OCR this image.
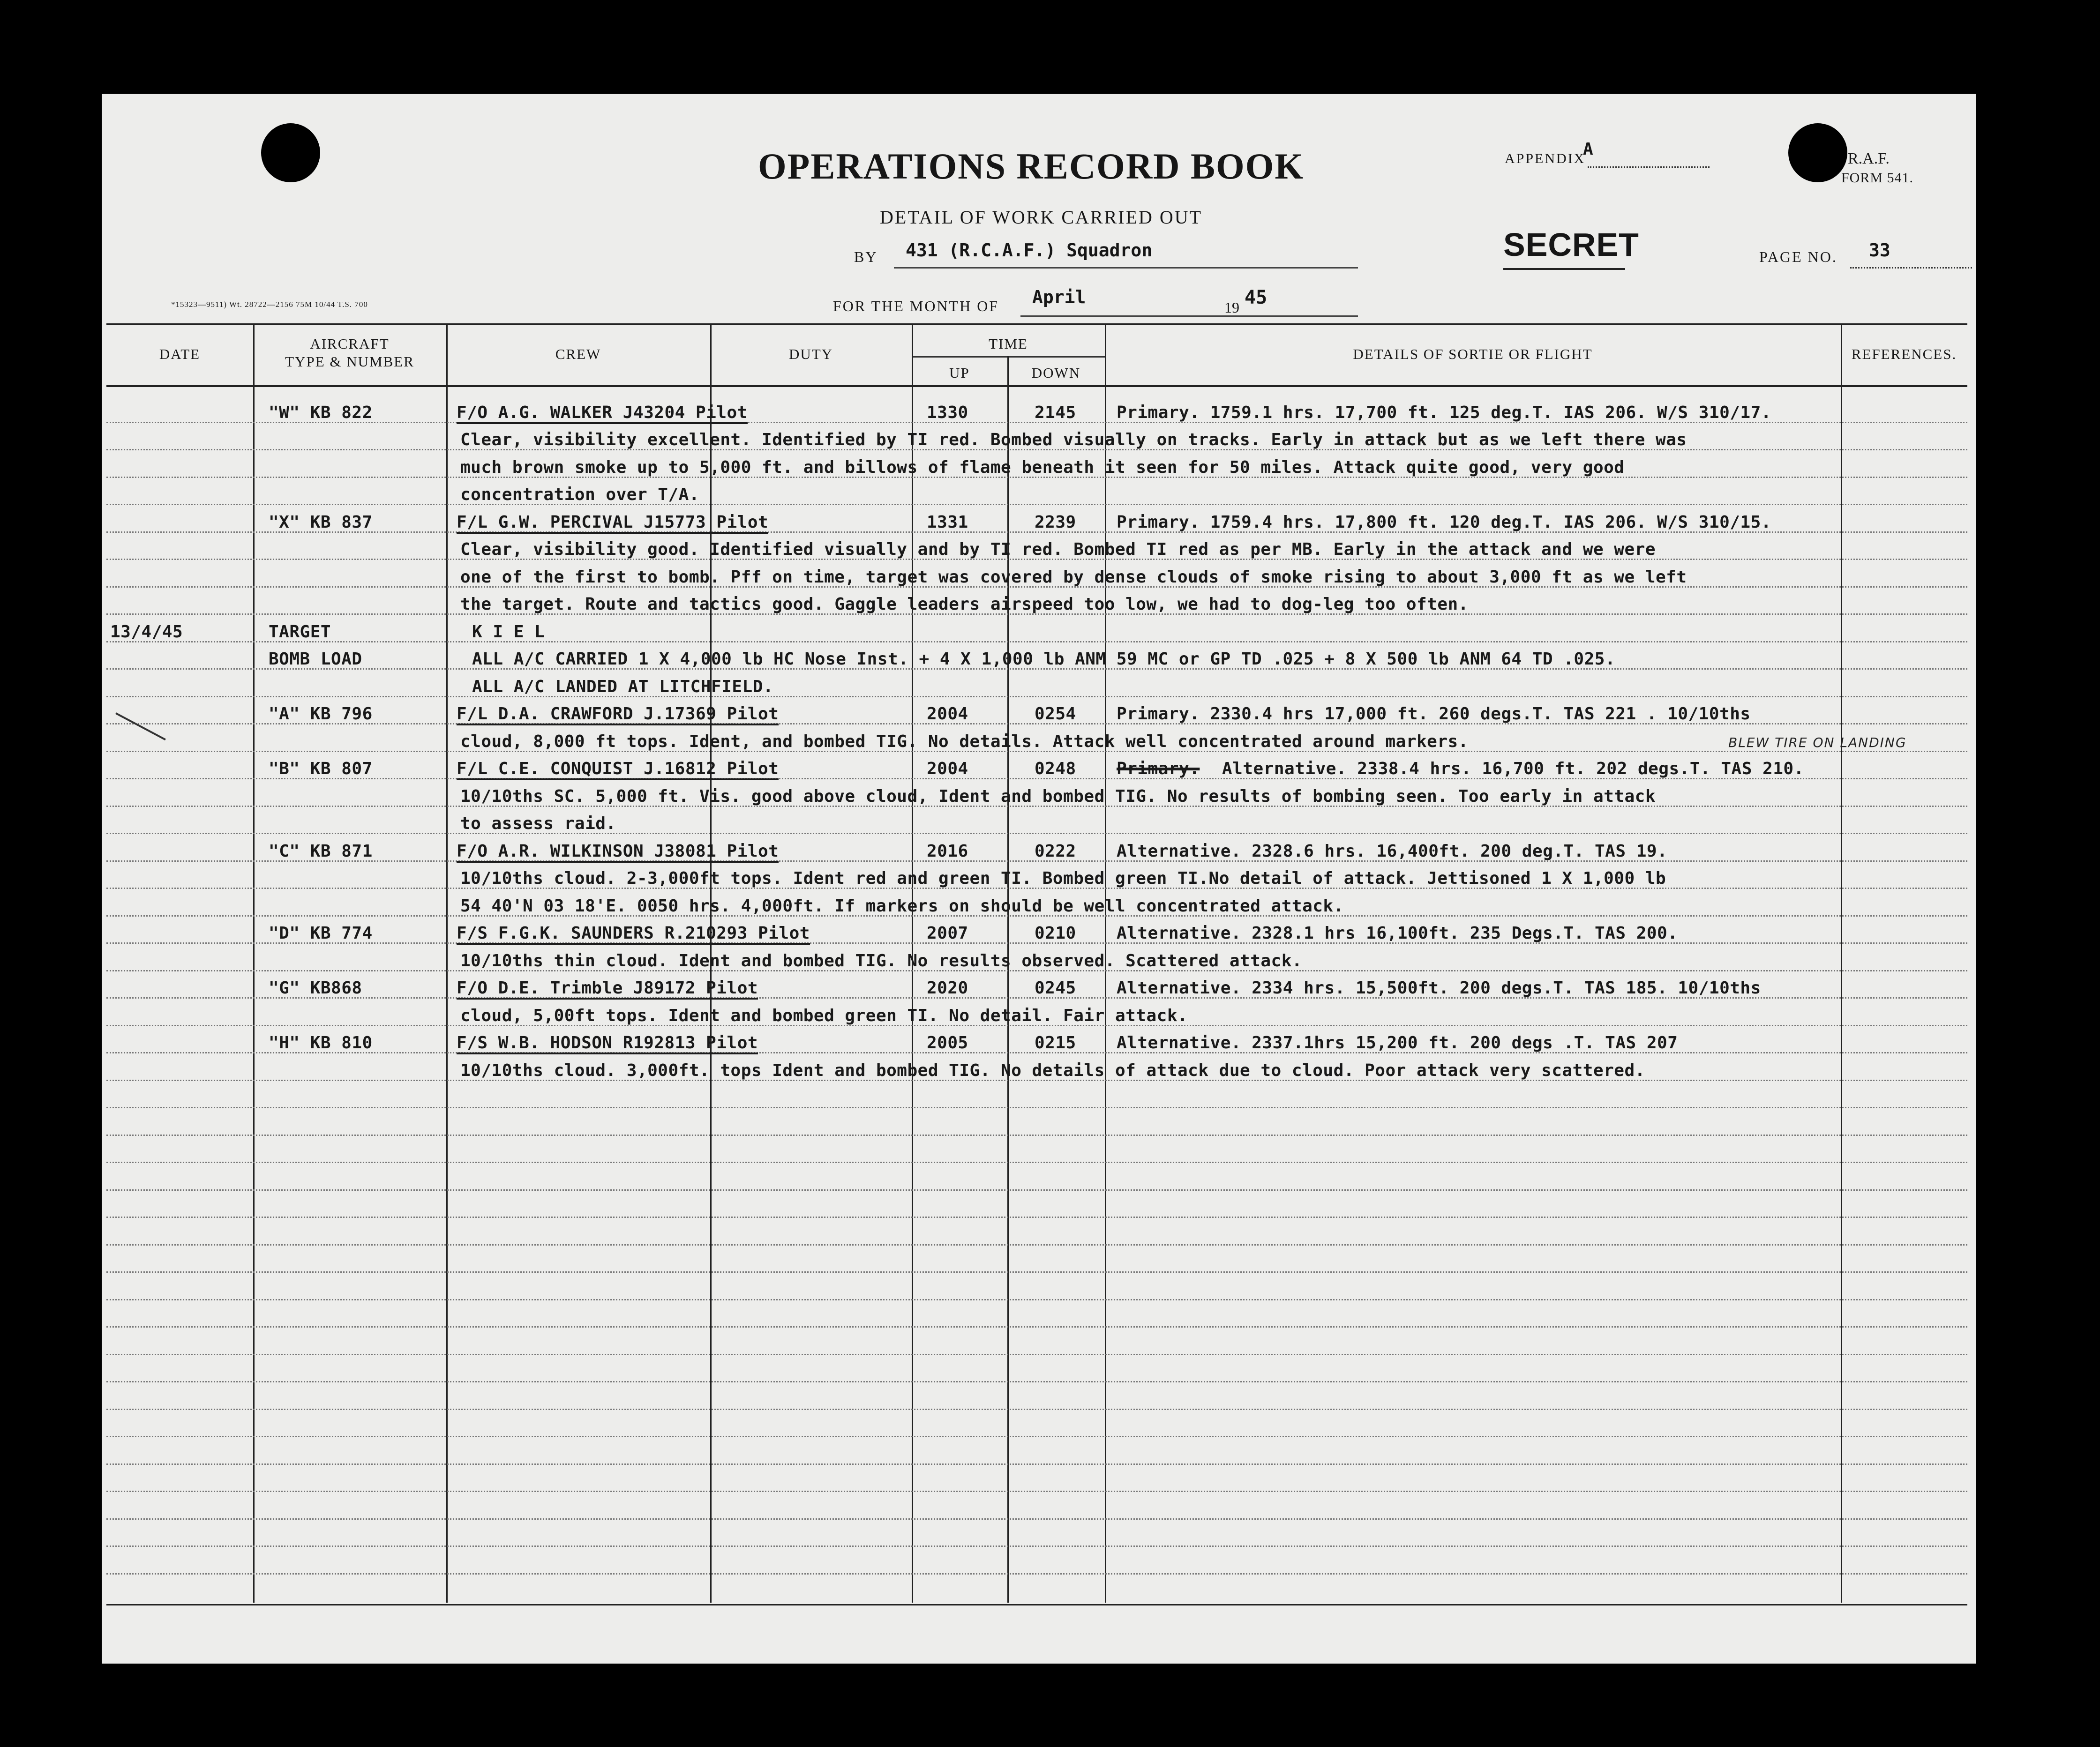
OPERATIONS RECORD BOOK
DETAIL OF WORK CARRIED OUT
APPENDIX
A	R.A.F.
FORM 541.
BY 431 (R.C.A.F.) Squadron	SECRET	PAGE NO. 33
*15323—9511) Wt. 28722—2156 75M 10/44 T.S. 700	FOR THE MONTH OF April	19 45
DATE
AIRCRAFT
TYPE & NUMBER	CREW	DUTY
TIME
UP	DOWN
DETAILS OF SORTIE OR FLIGHT	REFERENCES.
"W" KB 822	F/O A.G. WALKER J43204 Pilot	1330	2145 Primary. 1759.1 hrs. 17,700 ft. 125 deg.T. IAS 206. W/S 310/17.
Clear, visibility excellent. Identified by TI red. Bombed visually on tracks. Early in attack but as we left there was
much brown smoke up to 5,000 ft. and billows of flame beneath it seen for 50 miles. Attack quite good, very good
concentration over T/A.
"X" KB 837	F/L G.W. PERCIVAL J15773 Pilot	1331	2239 Primary. 1759.4 hrs. 17,800 ft. 120 deg.T. IAS 206. W/S 310/15.
Clear, visibility good. Identified visually and by TI red. Bombed TI red as per MB. Early in the attack and we were
one of the first to bomb. Pff on time, target was covered by dense clouds of smoke rising to about 3,000 ft as we left
the target. Route and tactics good. Gaggle leaders airspeed too low, we had to dog-leg too often.
13/4/45	TARGET	K I E L
BOMB LOAD	ALL A/C CARRIED 1 X 4,000 lb HC Nose Inst. + 4 X 1,000 lb ANM 59 MC or GP TD .025 + 8 X 500 lb ANM 64 TD .025.
ALL A/C LANDED AT LITCHFIELD.
"A" KB 796	F/L D.A. CRAWFORD J.17369 Pilot	2004	0254 Primary. 2330.4 hrs 17,000 ft. 260 degs.T. TAS 221 . 10/10ths
cloud, 8,000 ft tops. Ident, and bombed TIG. No details. Attack well concentrated around markers.	BLEW TIRE ON LANDING
"B" KB 807	F/L C.E. CONQUIST J.16812 Pilot	2004	0248 Primary. Alternative. 2338.4 hrs. 16,700 ft. 202 degs.T. TAS 210.
10/10ths SC. 5,000 ft. Vis. good above cloud, Ident and bombed TIG. No results of bombing seen. Too early in attack
to assess raid.
"C" KB 871	F/O A.R. WILKINSON J38081 Pilot	2016	0222 Alternative. 2328.6 hrs. 16,400ft. 200 deg.T. TAS 19.
10/10ths cloud. 2-3,000ft tops. Ident red and green TI. Bombed green TI.No detail of attack. Jettisoned 1 X 1,000 lb
54 40'N 03 18'E. 0050 hrs. 4,000ft. If markers on should be well concentrated attack.
"D" KB 774	F/S F.G.K. SAUNDERS R.210293 Pilot	2007	0210 Alternative. 2328.1 hrs 16,100ft. 235 Degs.T. TAS 200.
10/10ths thin cloud. Ident and bombed TIG. No results observed. Scattered attack.
"G" KB868	F/O D.E. Trimble J89172 Pilot	2020	0245 Alternative. 2334 hrs. 15,500ft. 200 degs.T. TAS 185. 10/10ths
cloud, 5,00ft tops. Ident and bombed green TI. No detail. Fair attack.
"H" KB 810	F/S W.B. HODSON R192813 Pilot	2005	0215 Alternative. 2337.1hrs 15,200 ft. 200 degs .T. TAS 207
10/10ths cloud. 3,000ft. tops Ident and bombed TIG. No details of attack due to cloud. Poor attack very scattered.
